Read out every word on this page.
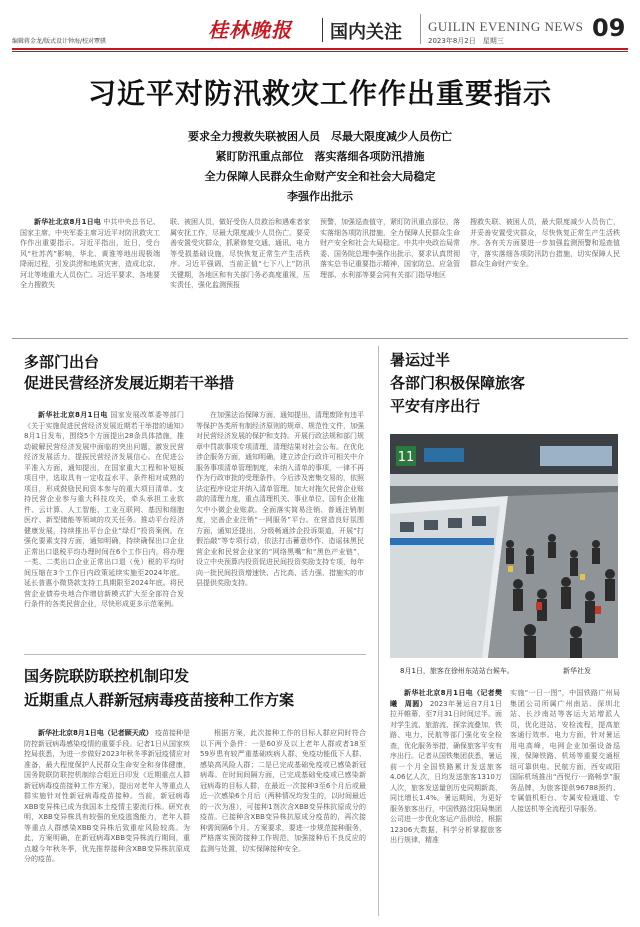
编辑蒋金龙/版式设计钟海/校对覃骐	桂林晚报 国内关注 GUILIN EVENING NEWS
2023年8月2日　星期三	09
习近平对防汛救灾工作作出重要指示
要求全力搜救失联被困人员　尽最大限度减少人员伤亡
紧盯防汛重点部位　落实落细各项防汛措施
全力保障人民群众生命财产安全和社会大局稳定
李强作出批示
新华社北京8月1日电 中共中央总书记、国家主席、中央军委主席习近平对防汛救灾工作作出重要指示。习近平指出，近日，受台风“杜苏芮”影响，华北、黄淮等地出现极端降雨过程，引发洪涝和地质灾害，造成北京、河北等地重大人员伤亡。习近平要求，各地要全力搜救失
联、被困人员，做好受伤人员救治和遇难者家属安抚工作，尽最大限度减少人员伤亡。要妥善安置受灾群众，抓紧修复交通、通讯、电力等受损基础设施，尽快恢复正常生产生活秩序。习近平强调，当前正值“七下八上”防汛关键期，各地区和有关部门务必高度重视，压实责任，强化监测预报
预警，加强巡查值守，紧盯防汛重点部位，落实落细各项防汛措施，全力保障人民群众生命财产安全和社会大局稳定。中共中央政治局常委、国务院总理李强作出批示，要求认真贯彻落实总书记重要指示精神，国家防总、应急管理部、水利部等要会同有关部门指导地区
搜救失联、被困人员，最大限度减少人员伤亡，并妥善安置受灾群众，尽快恢复正常生产生活秩序。各有关方面要进一步加强监测预警和巡查值守，落实落细各项防汛防台措施，切实保障人民群众生命财产安全。
多部门出台
促进民营经济发展近期若干举措
新华社北京8月1日电 国家发展改革委等部门《关于实施促进民营经济发展近期若干举措的通知》8月1日发布，围绕5个方面提出28条具体措施，推动破解民营经济发展中面临的突出问题，激发民营经济发展活力，提振民营经济发展信心。在促进公平准入方面，通知提出，在国家重大工程和补短板项目中，选取具有一定收益水平、条件相对成熟的项目，形成鼓励民间资本参与的重大项目清单。支持民营企业参与重大科技攻关，牵头承担工业软件、云计算、人工智能、工业互联网、基因和细胞医疗、新型储能等领域的攻关任务。推动平台经济健康发展，持续推出平台企业“绿灯”投资案例。在强化要素支持方面，通知明确，持续确保出口企业正常出口退税平均办理时间在6个工作日内，将办理一类、二类出口企业正常出口退（免）税的平均时间压缩在3个工作日内政策延续实施至2024年底。延长普惠小微贷款支持工具期限至2024年底。将民营企业债券央地合作增信新模式扩大至全部符合发行条件的各类民营企业，尽快形成更多示范案例。
在加强法治保障方面，通知提出，清理废除有违平等保护各类所有制经济原则的规章、规范性文件，加强对民营经济发展的保护和支持。开展行政法规和部门规章中罚款事项专项清理，清理结果对社会公布。在优化涉企服务方面，通知明确，建立涉企行政许可相关中介服务事项清单管理制度，未纳入清单的事项，一律不再作为行政审批的受理条件。今后涉及密集交易的，依照法定程序设定并纳入清单管理。加大对拖欠民营企业账款的清理力度，重点清理机关、事业单位、国有企业拖欠中小微企业账款。全面落实简易注销、普通注销制度，完善企业注销“一网服务”平台。在营造良好氛围方面，通知还提出，分级畅通涉企投诉渠道，开展“打假治敲”等专项行动，依法打击蓄意炒作、造谣抹黑民营企业和民营企业家的“网络黑嘴”和“黑色产业链”，设立中央预算内投资促进民间投资奖励支持专项，每年向一批民间投资增速快、占比高、活力强、措施实的市县提供奖励支持。
暑运过半
各部门积极保障旅客
平安有序出行
11
8月1日，旅客在徐州东站站台候车。	新华社发
新华社北京8月1日电（记者樊曦　周圆） 2023年暑运自7月1日拉开帷幕，至7月31日时间过半。面对学生流、旅游流、探亲流叠加，铁路、电力、民航等部门强化安全检查，优化服务举措，确保旅客平安有序出行。记者从国铁集团获悉，暑运前一个月全国铁路累计发送旅客4.06亿人次，日均发送旅客1310万人次，旅客发送量创历史同期新高，同比增长1.4%。暑运期间，为更好服务旅客出行，中国铁路沈阳局集团公司进一步优化客运产品供给，根据12306大数据，科学分析掌握旅客出行规律，精准
实施“一日一图”，中国铁路广州局集团公司所属广州南站、深圳北站、长沙南站等客运大站增派人员，优化进站、安检流程，提高旅客通行效率。电力方面，针对暑运用电高峰，电网企业加强设备巡视，保障铁路、机场等重要交通枢纽可靠供电。民航方面，西安咸阳国际机场推出“西悦行·一路畅享”服务品牌，为旅客提供96788预约、专属值机柜台、专属安检通道、专人接送机等全流程引导服务。
国务院联防联控机制印发
近期重点人群新冠病毒疫苗接种工作方案
新华社北京8月1日电（记者顾天成） 疫苗接种是防控新冠病毒感染疫情的重要手段。记者1日从国家疾控局获悉，为进一步做好2023年秋冬季新冠疫情应对准备，最大程度保护人民群众生命安全和身体健康，国务院联防联控机制综合组近日印发《近期重点人群新冠病毒疫苗接种工作方案》，提出对老年人等重点人群实施针对性新冠病毒疫苗接种。当前，新冠病毒XBB变异株已成为我国本土疫情主要流行株。研究表明，XBB变异株具有较强的免疫逃逸能力，老年人群等重点人群感染XBB变异株后致重症风险较高。为此，方案明确，在新冠病毒XBB变异株流行期间，重点越今年秋冬季，优先推荐接种含XBB变异株抗原成分的疫苗。
根据方案，此次接种工作的目标人群应同时符合以下两个条件：一是60岁及以上老年人群或者18至59岁患有较严重基础疾病人群、免疫功能低下人群、感染高风险人群；二是已完成基础免疫或已感染新冠病毒。在时间间隔方面，已完成基础免疫或已感染新冠病毒的目标人群，在最近一次接种3至6个月后或最近一次感染6个月后（两种情况均发生的，以时间最近的一次为准），可接种1剂次含XBB变异株抗原成分的疫苗。已接种含XBB变异株抗原成分疫苗的，再次接种需间隔6个月。方案要求，要进一步规范接种服务，严格落实预防接种工作规范，加强接种后不良反应的监测与处置，切实保障接种安全。
